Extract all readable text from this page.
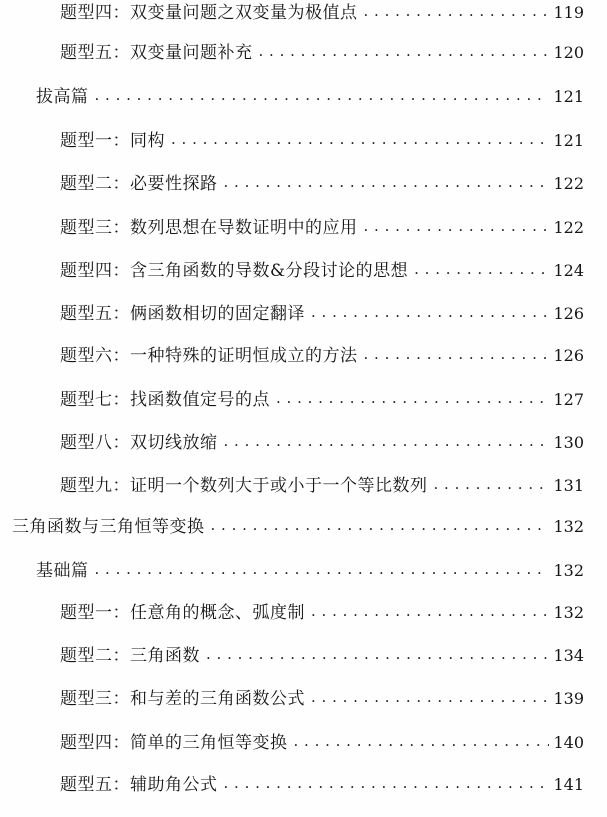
题型四：双变量问题之双变量为极值点 . . .	119
题型五：双变量问题补充 . . .	120
拔高篇 . . .	121
题型一：同构 . . .	121
题型二：必要性探路 . . .	122
题型三：数列思想在导数证明中的应用 . . .	122
题型四：含三角函数的导数&分段讨论的思想 . . .	124
题型五：俩函数相切的固定翻译 . . .	126
题型六：一种特殊的证明恒成立的方法 . . .	126
题型七：找函数值定号的点 . . .	127
题型八：双切线放缩 . . .	130
题型九：证明一个数列大于或小于一个等比数列 . . .	131
三角函数与三角恒等变换 . . .	132
基础篇 . . .	132
题型一：任意角的概念、弧度制 . . .	132
题型二：三角函数 . . .	134
题型三：和与差的三角函数公式 . . .	139
题型四：简单的三角恒等变换 . . .	140
题型五：辅助角公式 . . .	141
